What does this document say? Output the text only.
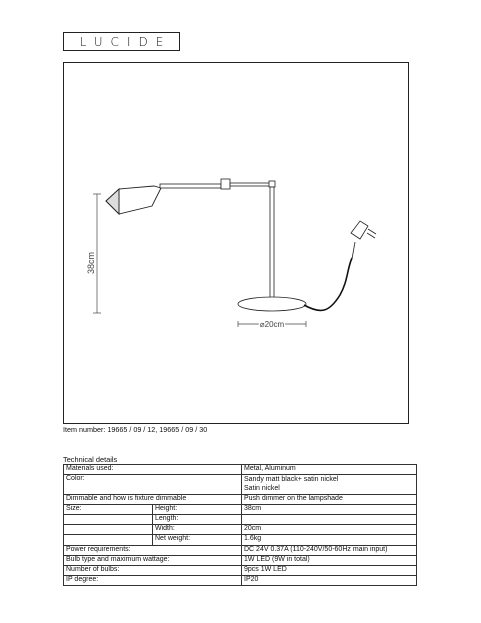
LUCIDE
38cm
⌀20cm
Item number: 19665 / 09 / 12, 19665 / 09 / 30
Technical details
Materials used:		Metal, Aluminum
Color:		Sandy matt black+ satin nickel
Satin nickel

Dimmable and how is fixture dimmable		Push dimmer on the lampshade
Size:	Height:	38cm
	Length:	
	Width:	20cm
	Net weight:	1.6kg
Power requirements:		DC 24V 0.37A (110-240V/50-60Hz main input)
Bulb type and maximum wattage:		1W LED (9W in total)
Number of bulbs:		9pcs 1W LED
IP degree:		IP20
